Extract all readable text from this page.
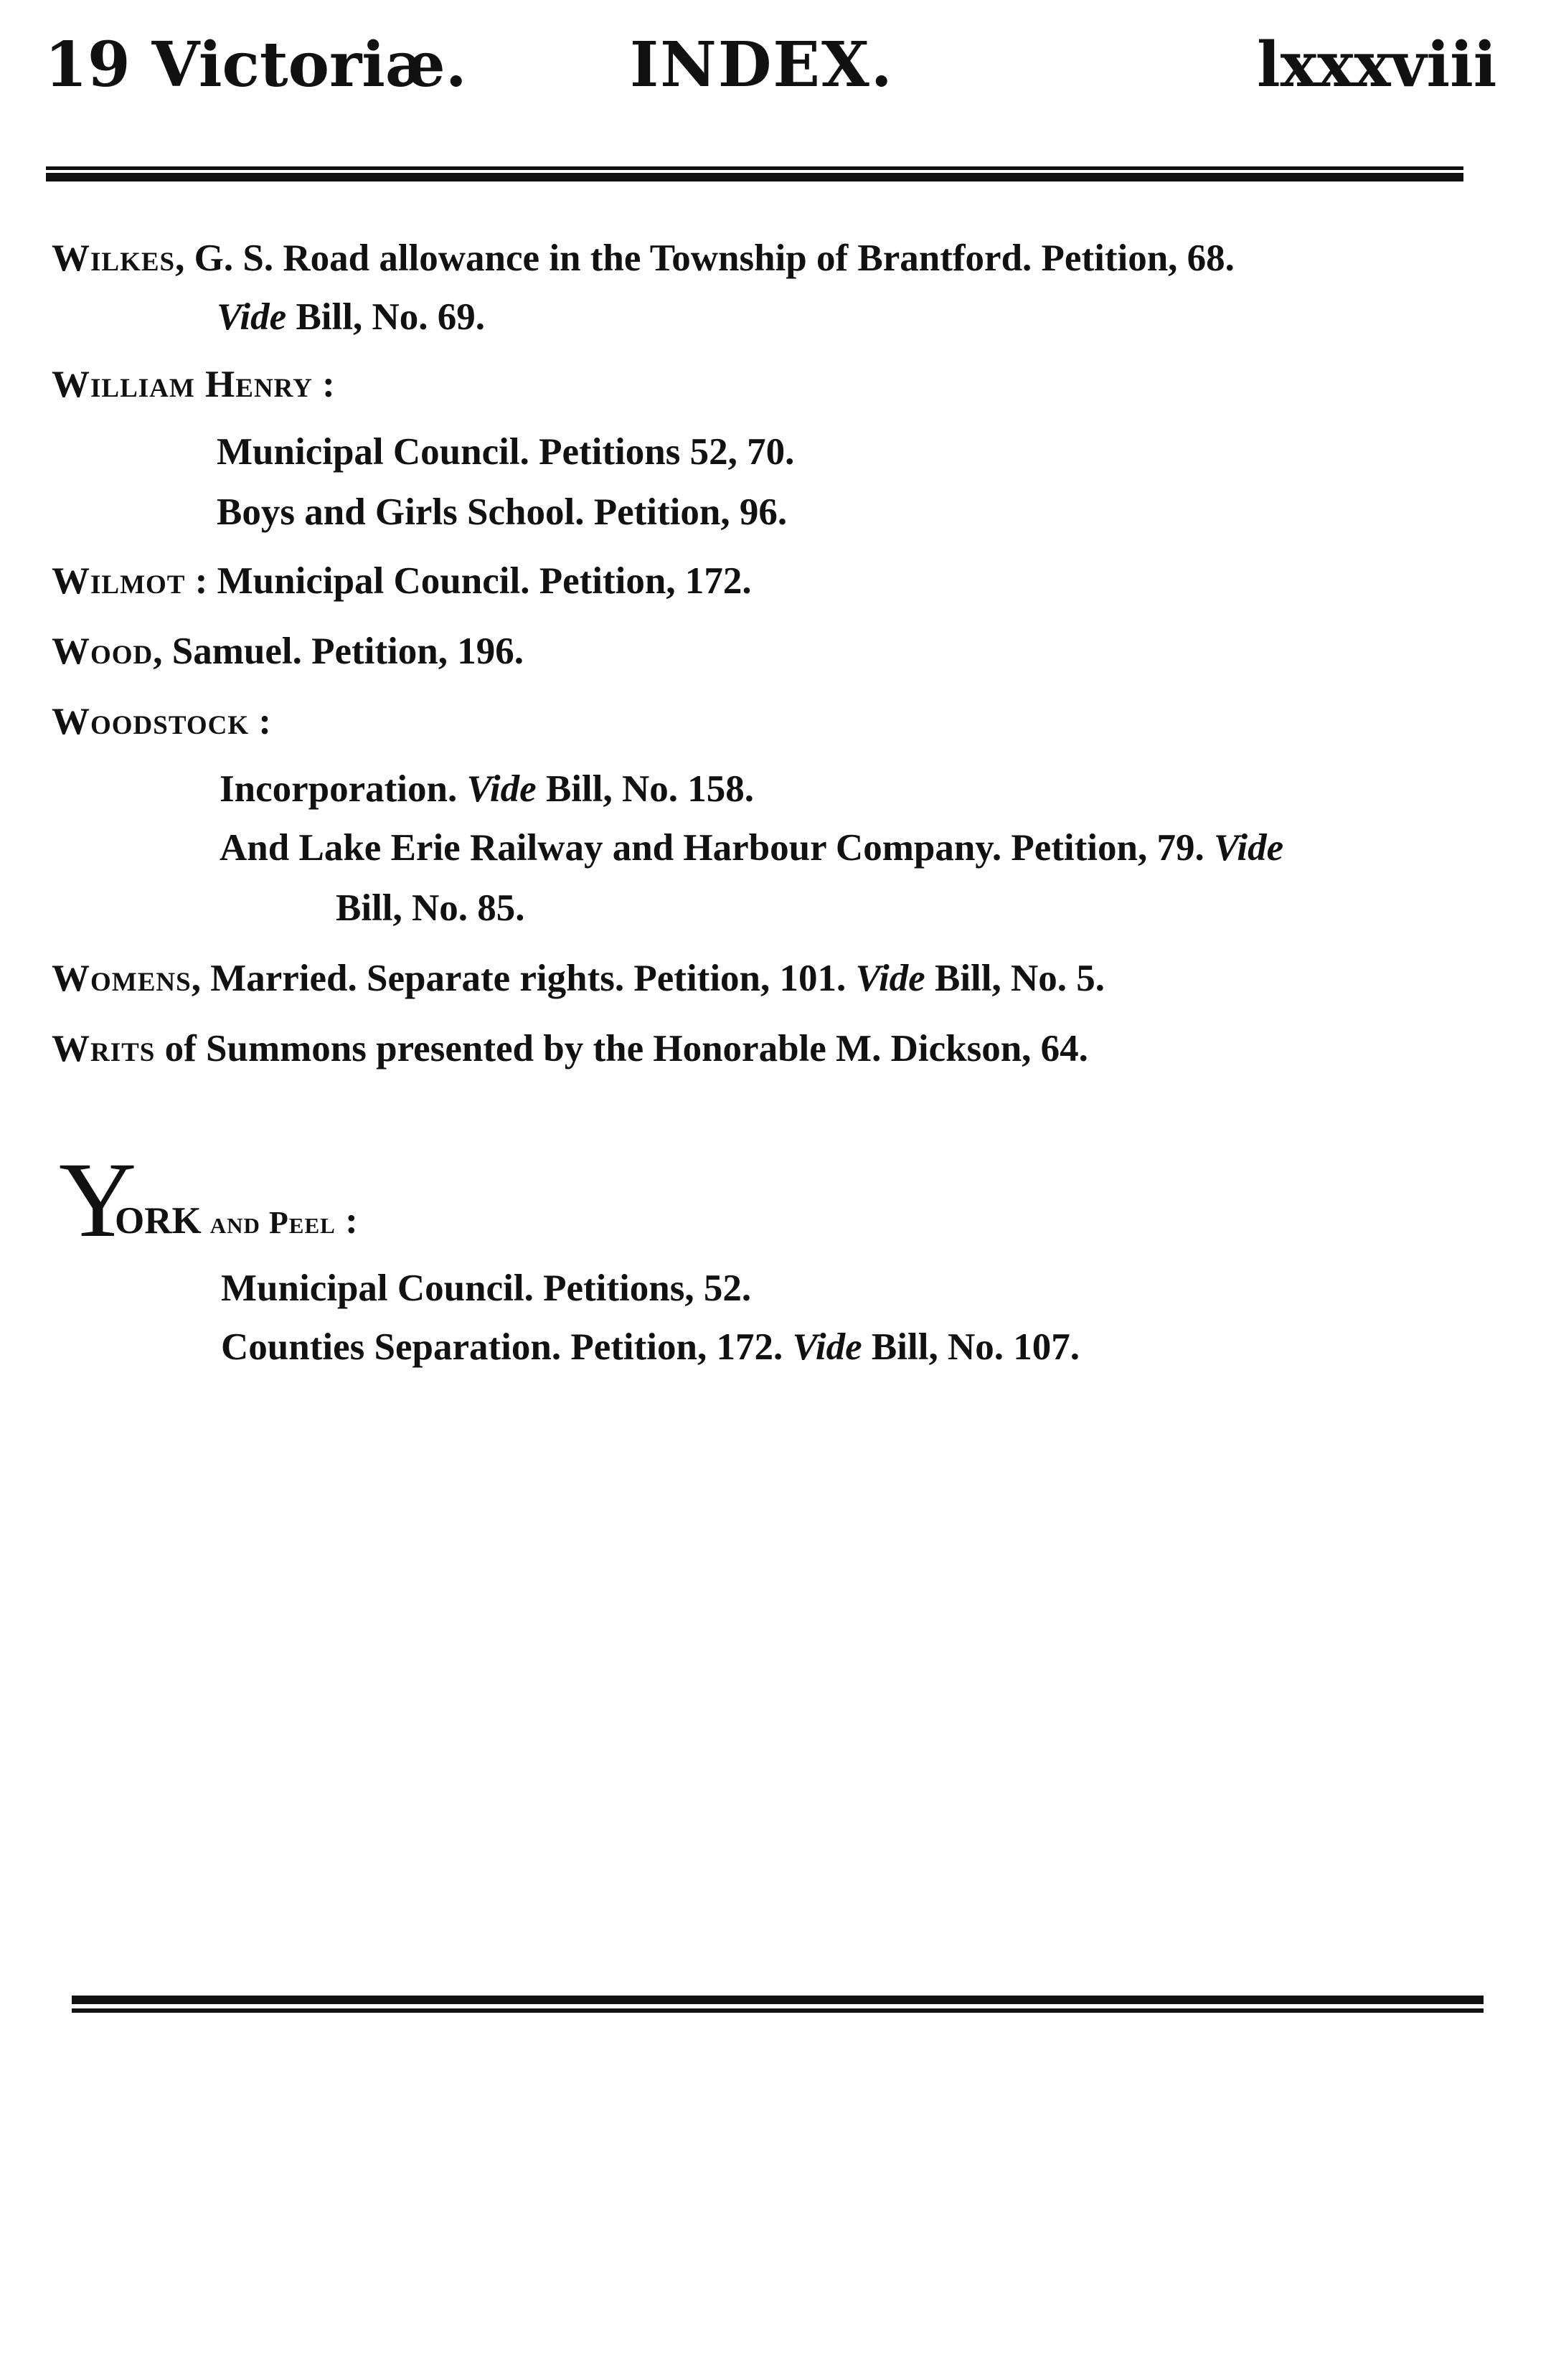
19 Victoriæ.	INDEX.	lxxxviii
Wilkes, G. S. Road allowance in the Township of Brantford. Petition, 68.
Vide Bill, No. 69.
William Henry :
Municipal Council. Petitions 52, 70.
Boys and Girls School. Petition, 96.
Wilmot : Municipal Council. Petition, 172.
Wood, Samuel. Petition, 196.
Woodstock :
Incorporation. Vide Bill, No. 158.
And Lake Erie Railway and Harbour Company. Petition, 79. Vide
Bill, No. 85.
Womens, Married. Separate rights. Petition, 101. Vide Bill, No. 5.
Writs of Summons presented by the Honorable M. Dickson, 64.
Y
ORK and Peel :
Municipal Council. Petitions, 52.
Counties Separation. Petition, 172. Vide Bill, No. 107.
